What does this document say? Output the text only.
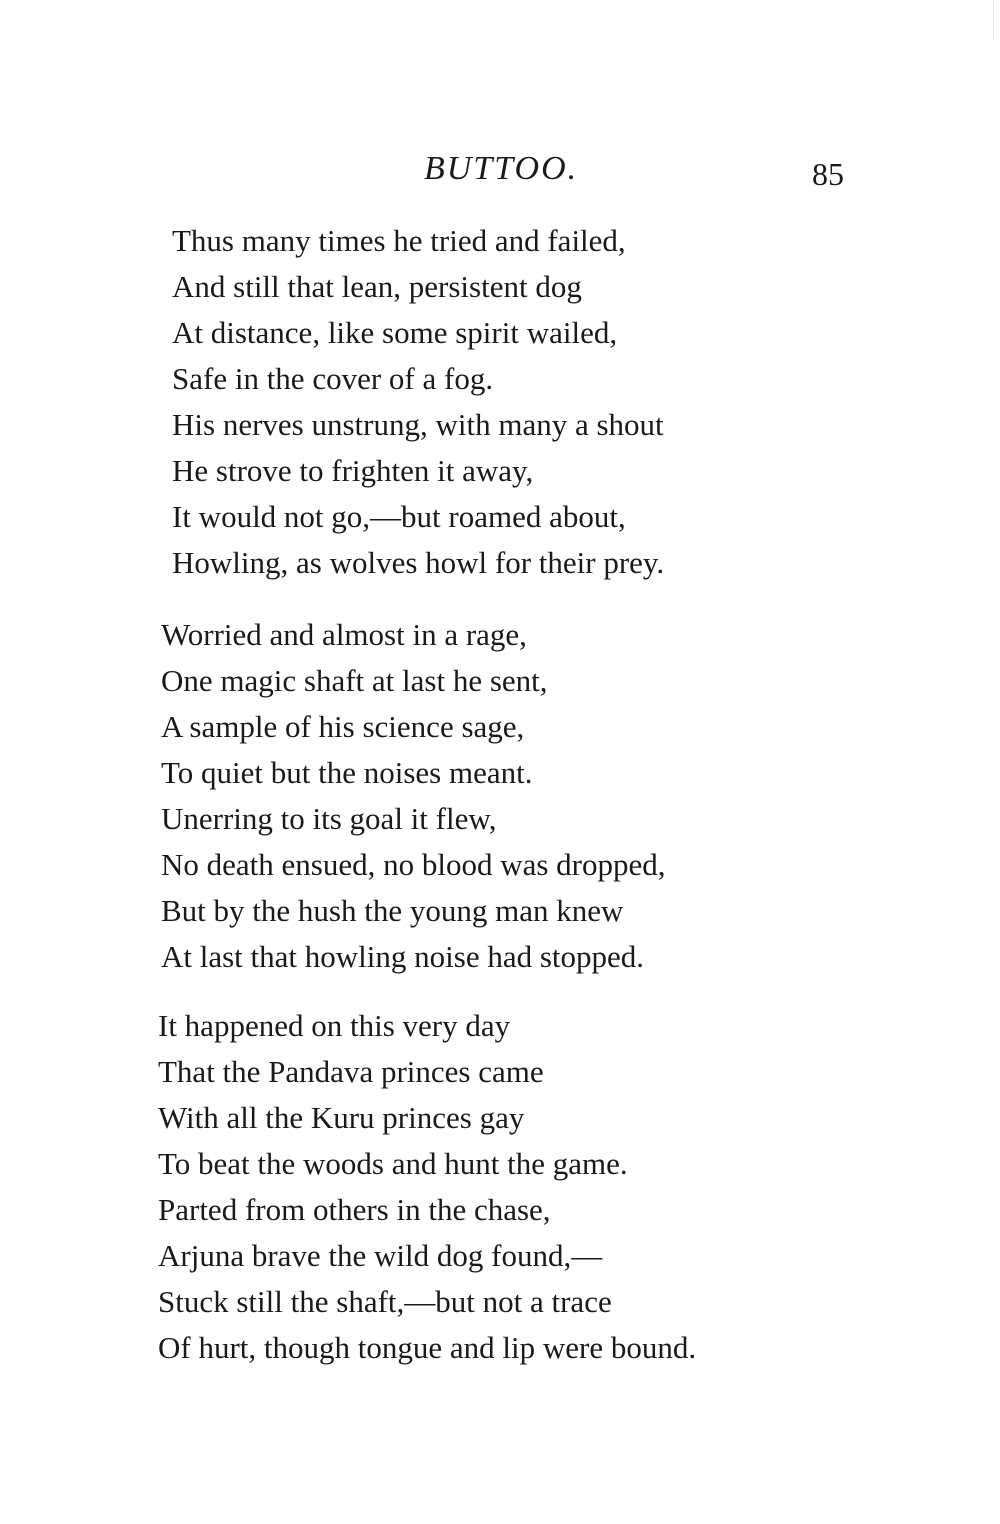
BUTTOO.	85
Thus many times he tried and failed,
And still that lean, persistent dog
At distance, like some spirit wailed,
Safe in the cover of a fog.
His nerves unstrung, with many a shout
He strove to frighten it away,
It would not go,—but roamed about,
Howling, as wolves howl for their prey.
Worried and almost in a rage,
One magic shaft at last he sent,
A sample of his science sage,
To quiet but the noises meant.
Unerring to its goal it flew,
No death ensued, no blood was dropped,
But by the hush the young man knew
At last that howling noise had stopped.
It happened on this very day
That the Pandava princes came
With all the Kuru princes gay
To beat the woods and hunt the game.
Parted from others in the chase,
Arjuna brave the wild dog found,—
Stuck still the shaft,—but not a trace
Of hurt, though tongue and lip were bound.
